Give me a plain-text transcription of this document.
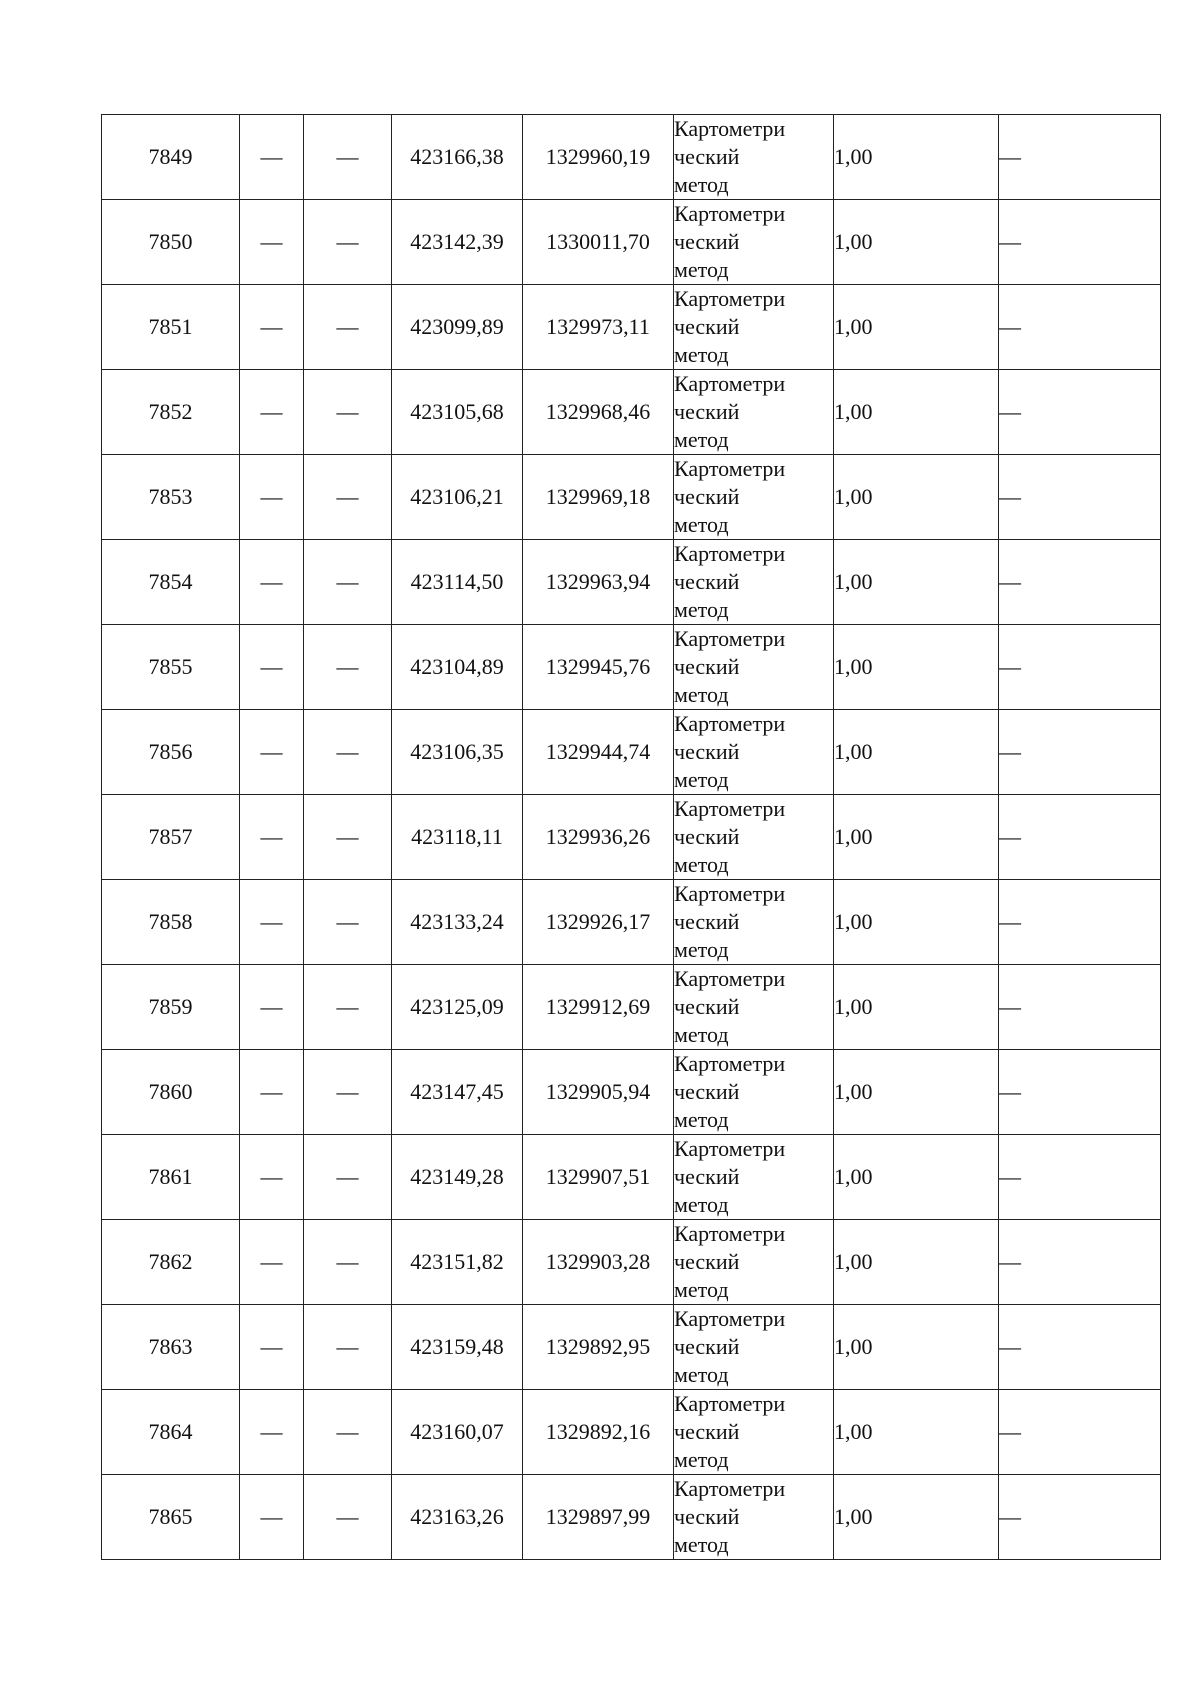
7849	—	—	423166,38	1329960,19	Картометри
ческий
метод	1,00	—
7850	—	—	423142,39	1330011,70	Картометри
ческий
метод	1,00	—
7851	—	—	423099,89	1329973,11	Картометри
ческий
метод	1,00	—
7852	—	—	423105,68	1329968,46	Картометри
ческий
метод	1,00	—
7853	—	—	423106,21	1329969,18	Картометри
ческий
метод	1,00	—
7854	—	—	423114,50	1329963,94	Картометри
ческий
метод	1,00	—
7855	—	—	423104,89	1329945,76	Картометри
ческий
метод	1,00	—
7856	—	—	423106,35	1329944,74	Картометри
ческий
метод	1,00	—
7857	—	—	423118,11	1329936,26	Картометри
ческий
метод	1,00	—
7858	—	—	423133,24	1329926,17	Картометри
ческий
метод	1,00	—
7859	—	—	423125,09	1329912,69	Картометри
ческий
метод	1,00	—
7860	—	—	423147,45	1329905,94	Картометри
ческий
метод	1,00	—
7861	—	—	423149,28	1329907,51	Картометри
ческий
метод	1,00	—
7862	—	—	423151,82	1329903,28	Картометри
ческий
метод	1,00	—
7863	—	—	423159,48	1329892,95	Картометри
ческий
метод	1,00	—
7864	—	—	423160,07	1329892,16	Картометри
ческий
метод	1,00	—
7865	—	—	423163,26	1329897,99	Картометри
ческий
метод	1,00	—
